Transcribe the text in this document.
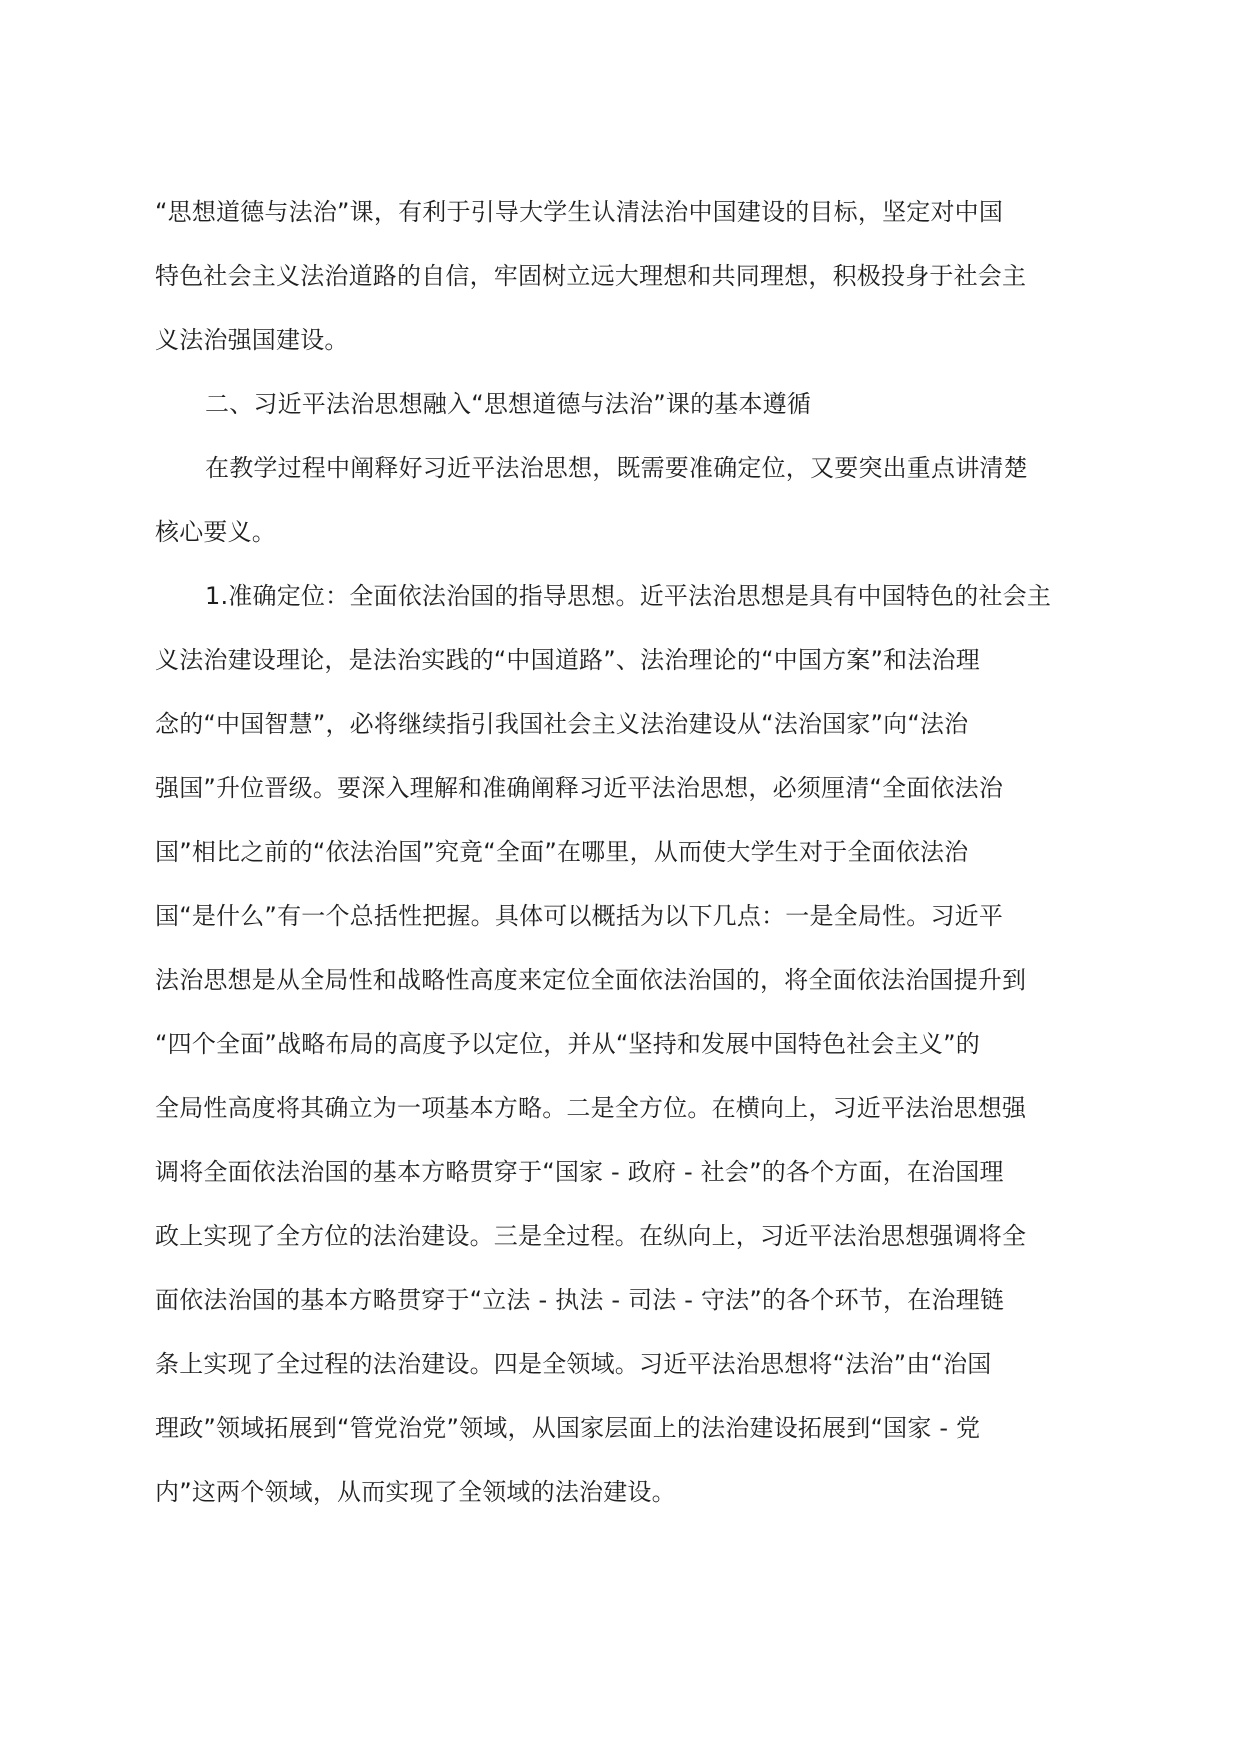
“思想道德与法治”课，有利于引导大学生认清法治中国建设的目标，坚定对中国
特色社会主义法治道路的自信，牢固树立远大理想和共同理想，积极投身于社会主
义法治强国建设。
二、习近平法治思想融入“思想道德与法治”课的基本遵循
在教学过程中阐释好习近平法治思想，既需要准确定位，又要突出重点讲清楚
核心要义。
1.准确定位：全面依法治国的指导思想。近平法治思想是具有中国特色的社会主
义法治建设理论，是法治实践的“中国道路”、法治理论的“中国方案”和法治理
念的“中国智慧”，必将继续指引我国社会主义法治建设从“法治国家”向“法治
强国”升位晋级。要深入理解和准确阐释习近平法治思想，必须厘清“全面依法治
国”相比之前的“依法治国”究竟“全面”在哪里，从而使大学生对于全面依法治
国“是什么”有一个总括性把握。具体可以概括为以下几点：一是全局性。习近平
法治思想是从全局性和战略性高度来定位全面依法治国的，将全面依法治国提升到
“四个全面”战略布局的高度予以定位，并从“坚持和发展中国特色社会主义”的
全局性高度将其确立为一项基本方略。二是全方位。在横向上，习近平法治思想强
调将全面依法治国的基本方略贯穿于“国家 - 政府 - 社会”的各个方面，在治国理
政上实现了全方位的法治建设。三是全过程。在纵向上，习近平法治思想强调将全
面依法治国的基本方略贯穿于“立法 - 执法 - 司法 - 守法”的各个环节，在治理链
条上实现了全过程的法治建设。四是全领域。习近平法治思想将“法治”由“治国
理政”领域拓展到“管党治党”领域，从国家层面上的法治建设拓展到“国家 - 党
内”这两个领域，从而实现了全领域的法治建设。
